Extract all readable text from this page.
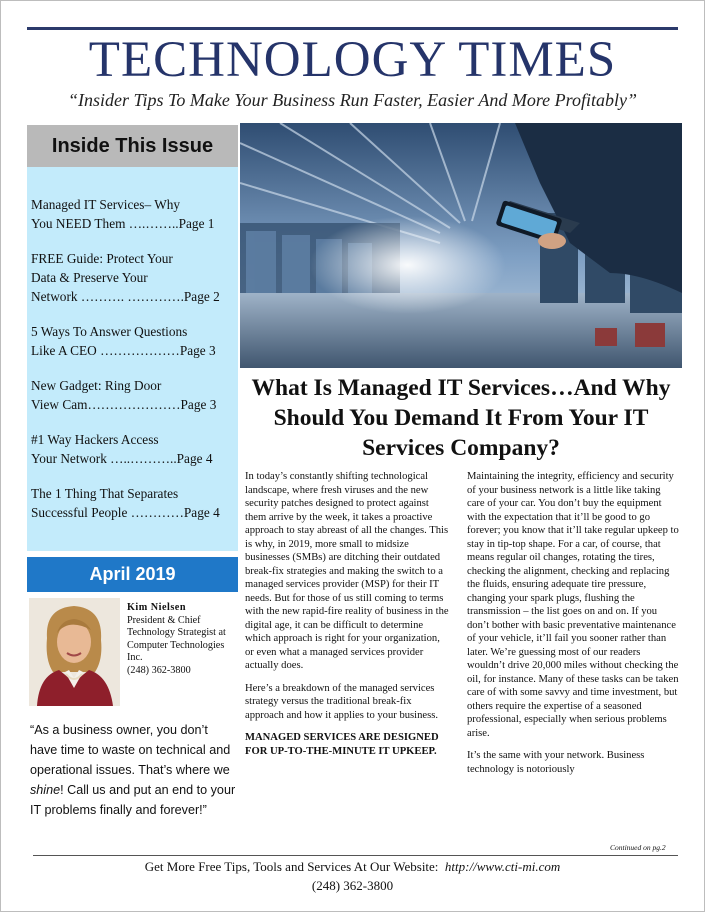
TECHNOLOGY TIMES
“Insider Tips To Make Your Business Run Faster, Easier And More Profitably”
Inside This Issue
Managed IT Services– Why
You NEED Them ….……..Page 1
FREE Guide: Protect Your
Data & Preserve Your
Network ………. ………….Page 2
5 Ways To Answer Questions
Like A CEO ………………Page 3
New Gadget: Ring Door
View Cam…………………Page 3
#1 Way Hackers Access
Your Network …..………..Page 4
The 1 Thing That Separates
Successful People …………Page 4
April 2019
Kim Nielsen
President & Chief Technology Strategist at Computer Technologies Inc.
(248) 362-3800
“As a business owner, you don’t have time to waste on technical and operational issues. That’s where we shine! Call us and put an end to your IT problems finally and forever!”
What Is Managed IT Services…And Why Should You Demand It From Your IT Services Company?

In today’s constantly shifting technological landscape, where fresh viruses and the new security patches designed to protect against them arrive by the week, it takes a proactive approach to stay abreast of all the changes. This is why, in 2019, more small to midsize businesses (SMBs) are ditching their outdated break-fix strategies and making the switch to a managed services provider (MSP) for their IT needs. But for those of us still coming to terms with the new rapid-fire reality of business in the digital age, it can be difficult to determine which approach is right for your organization, or even what a managed services provider actually does.

Here’s a breakdown of the managed services strategy versus the traditional break-fix approach and how it applies to your business.

MANAGED SERVICES ARE DESIGNED FOR UP-TO-THE-MINUTE IT UPKEEP.

Maintaining the integrity, efficiency and security of your business network is a little like taking care of your car. You don’t buy the equipment with the expectation that it’ll be good to go forever; you know that it’ll take regular upkeep to stay in tip-top shape. For a car, of course, that means regular oil changes, rotating the tires, checking the alignment, checking and replacing the fluids, ensuring adequate tire pressure, changing your spark plugs, flushing the transmission – the list goes on and on. If you don’t bother with basic preventative maintenance of your vehicle, it’ll fail you sooner rather than later. We’re guessing most of our readers wouldn’t drive 20,000 miles without checking the oil, for instance. Many of these tasks can be taken care of with some savvy and time investment, but others require the expertise of a seasoned professional, especially when serious problems arise.

It’s the same with your network. Business technology is notoriously

Continued on pg.2
Get More Free Tips, Tools and Services At Our Website: http://www.cti-mi.com
(248) 362-3800
